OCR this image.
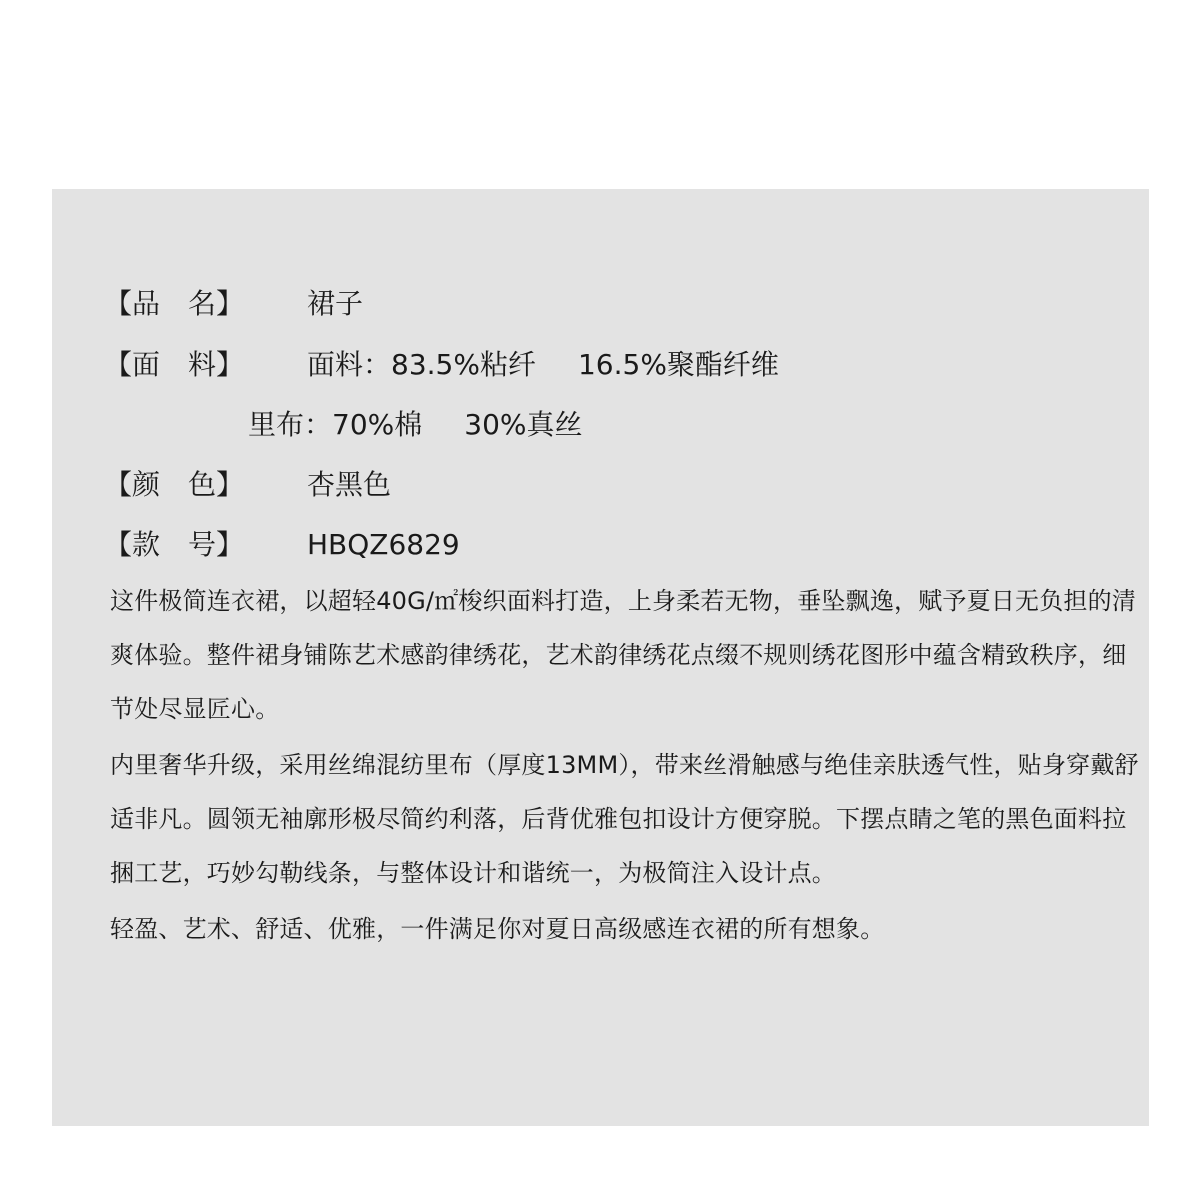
【品　名】	裙子
【面　料】	面料： 83.5%粘纤 16.5%聚酯纤维
里布： 70%棉 30%真丝
【颜　色】	杏黑色
【款　号】	HBQZ6829

这件极简连衣裙，以超轻40G/㎡梭织面料打造，上身柔若无物，垂坠飘逸，赋予夏日无负担的清爽体验。整件裙身铺陈艺术感韵律绣花，艺术韵律绣花点缀不规则绣花图形中蕴含精致秩序，细节处尽显匠心。

内里奢华升级，采用丝绵混纺里布（厚度13MM），带来丝滑触感与绝佳亲肤透气性，贴身穿戴舒适非凡。圆领无袖廓形极尽简约利落，后背优雅包扣设计方便穿脱。下摆点睛之笔的黑色面料拉捆工艺，巧妙勾勒线条，与整体设计和谐统一，为极简注入设计点。

轻盈、艺术、舒适、优雅，一件满足你对夏日高级感连衣裙的所有想象。
